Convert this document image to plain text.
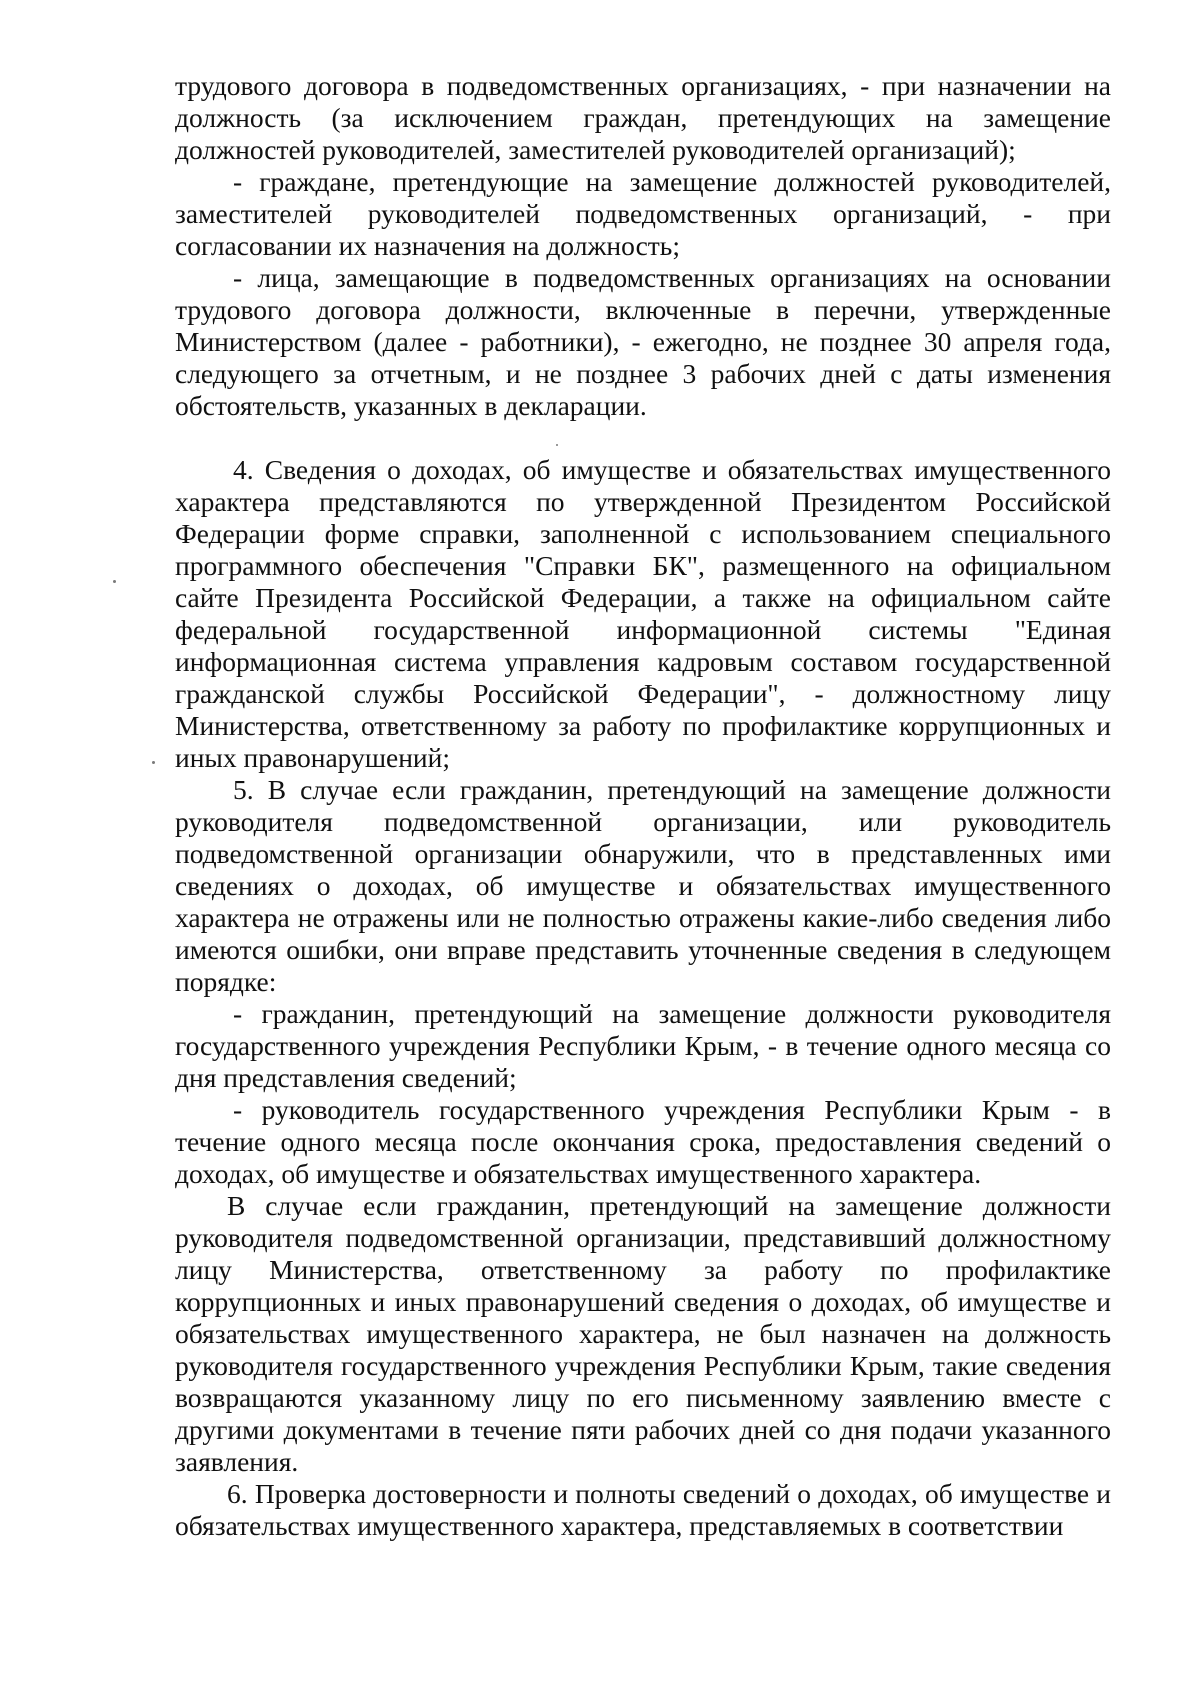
трудового договора в подведомственных организациях, - при назначении на должность (за исключением граждан, претендующих на замещение должностей руководителей, заместителей руководителей организаций);

- граждане, претендующие на замещение должностей руководителей, заместителей руководителей подведомственных организаций, - при согласовании их назначения на должность;

- лица, замещающие в подведомственных организациях на основании трудового договора должности, включенные в перечни, утвержденные Министерством (далее - работники), - ежегодно, не позднее 30 апреля года, следующего за отчетным, и не позднее 3 рабочих дней с даты изменения обстоятельств, указанных в декларации.

4. Сведения о доходах, об имуществе и обязательствах имущественного характера представляются по утвержденной Президентом Российской Федерации форме справки, заполненной с использованием специального программного обеспечения "Справки БК", размещенного на официальном сайте Президента Российской Федерации, а также на официальном сайте федеральной государственной информационной системы "Единая информационная система управления кадровым составом государственной гражданской службы Российской Федерации", - должностному лицу Министерства, ответственному за работу по профилактике коррупционных и иных правонарушений;

5. В случае если гражданин, претендующий на замещение должности руководителя подведомственной организации, или руководитель подведомственной организации обнаружили, что в представленных ими сведениях о доходах, об имуществе и обязательствах имущественного характера не отражены или не полностью отражены какие-либо сведения либо имеются ошибки, они вправе представить уточненные сведения в следующем порядке:

- гражданин, претендующий на замещение должности руководителя государственного учреждения Республики Крым, - в течение одного месяца со дня представления сведений;

- руководитель государственного учреждения Республики Крым - в течение одного месяца после окончания срока, предоставления сведений о доходах, об имуществе и обязательствах имущественного характера.

В случае если гражданин, претендующий на замещение должности руководителя подведомственной организации, представивший должностному лицу Министерства, ответственному за работу по профилактике коррупционных и иных правонарушений сведения о доходах, об имуществе и обязательствах имущественного характера, не был назначен на должность руководителя государственного учреждения Республики Крым, такие сведения возвращаются указанному лицу по его письменному заявлению вместе с другими документами в течение пяти рабочих дней со дня подачи указанного заявления.

6. Проверка достоверности и полноты сведений о доходах, об имуществе и обязательствах имущественного характера, представляемых в соответствии
